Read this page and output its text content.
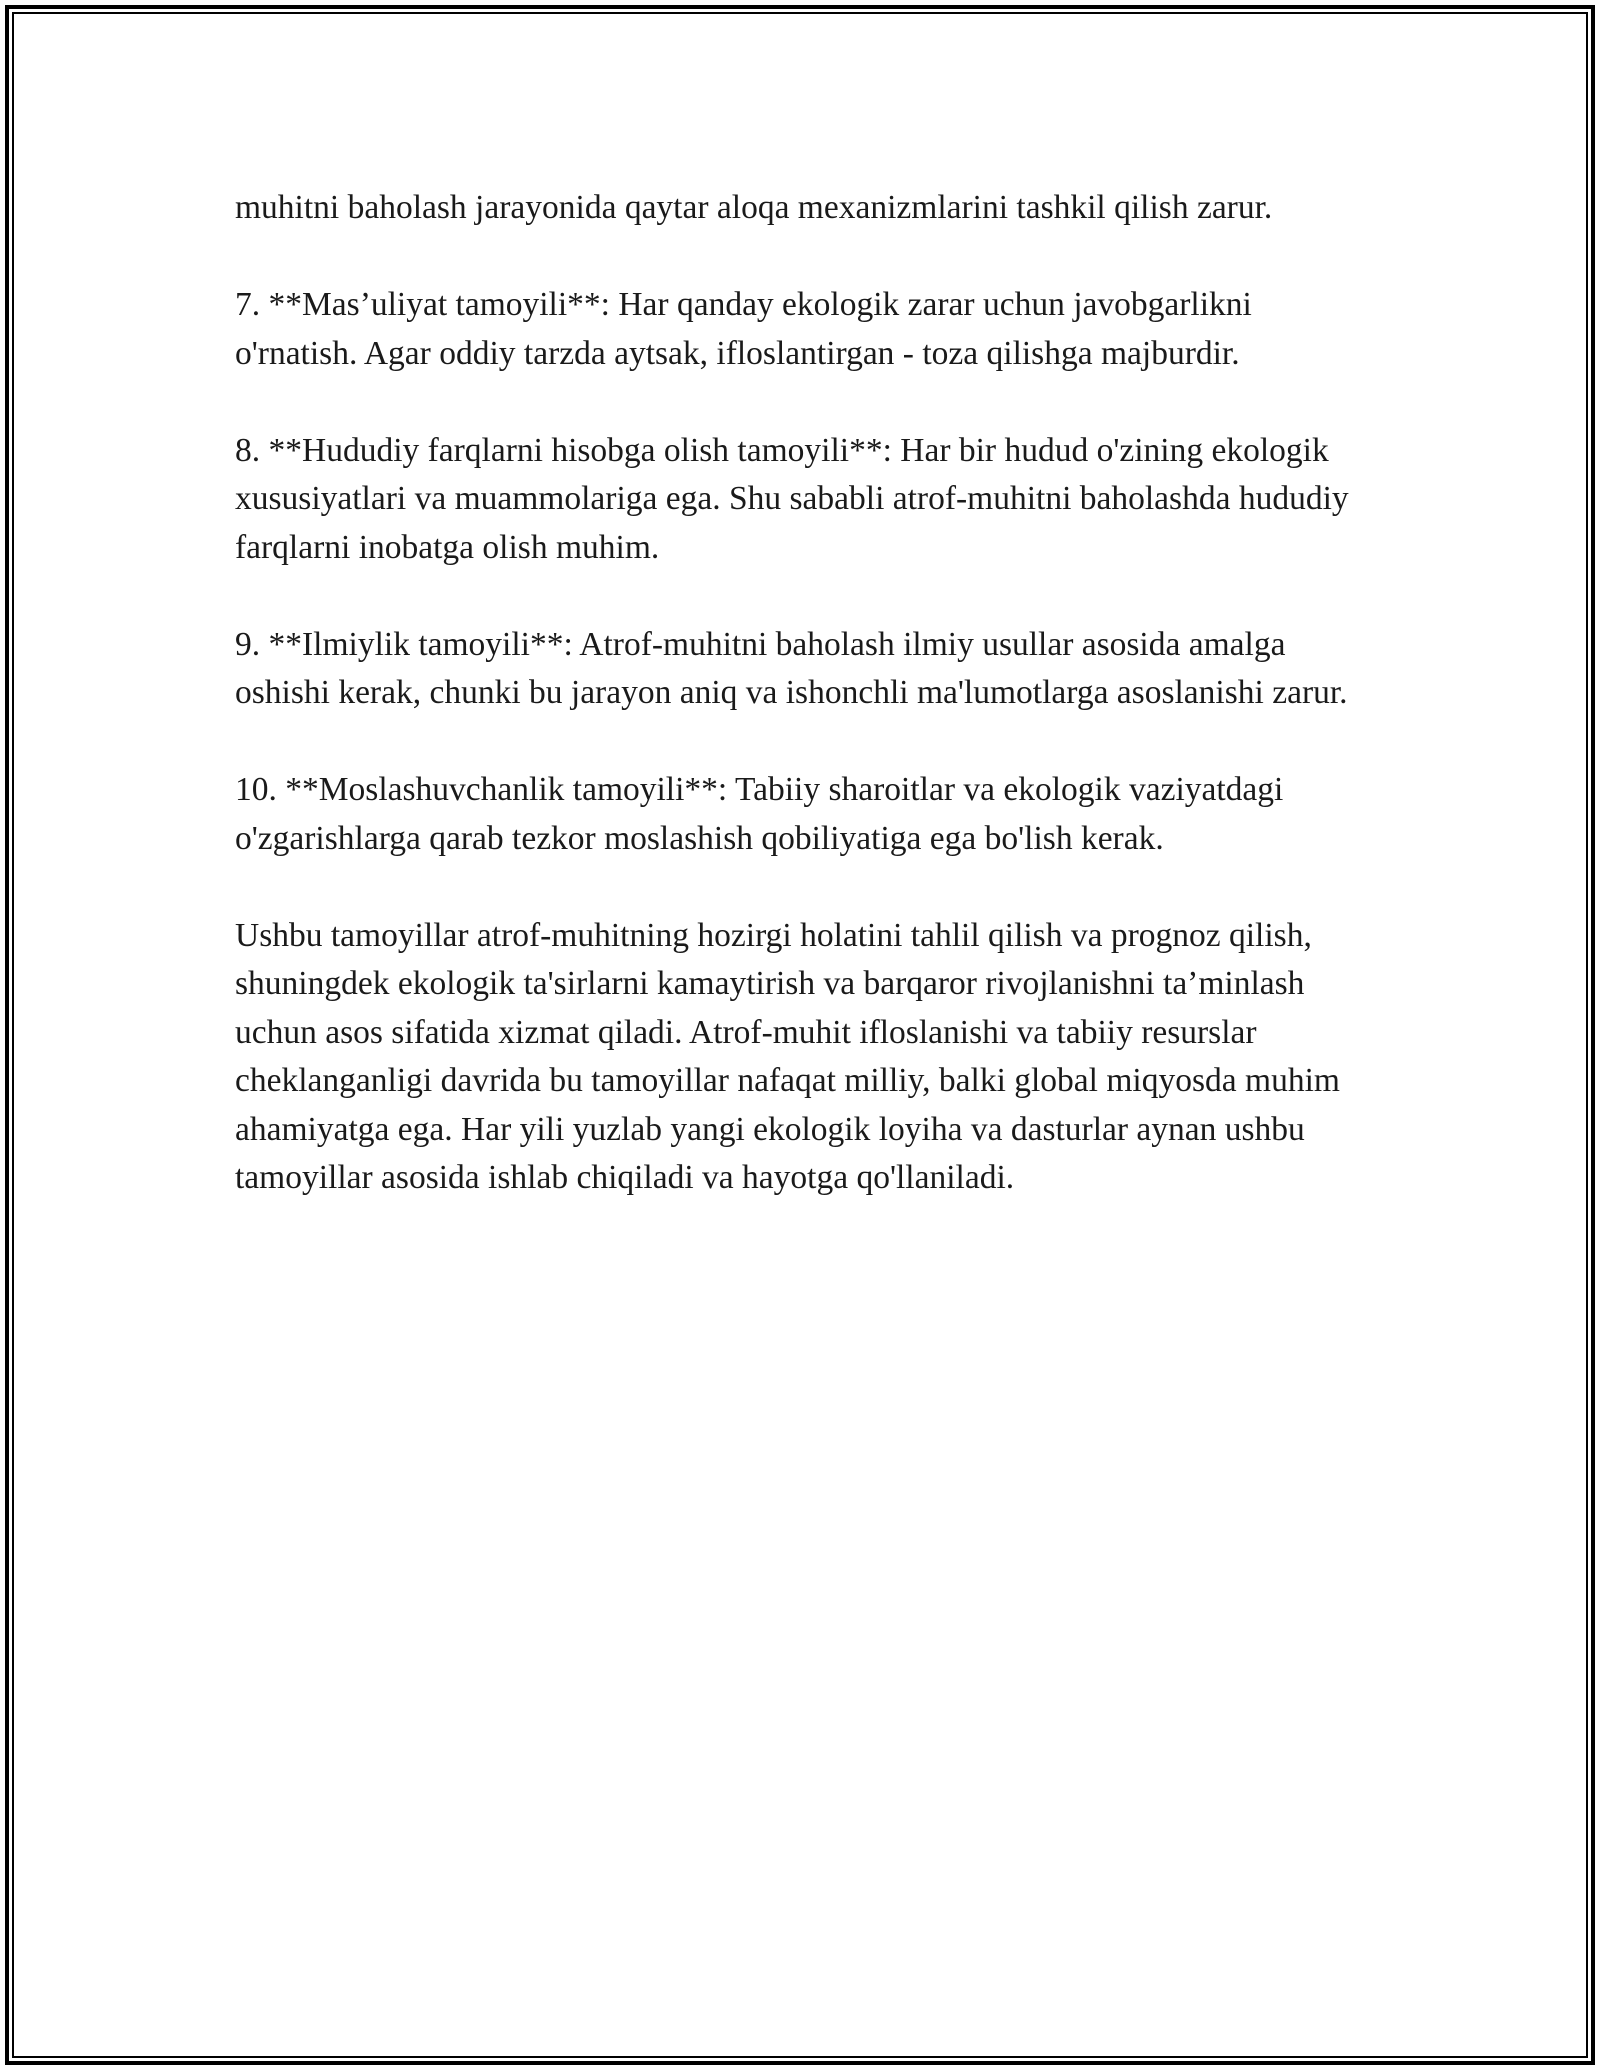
muhitni baholash jarayonida qaytar aloqa mexanizmlarini tashkil qilish zarur.

7. **Mas’uliyat tamoyili**: Har qanday ekologik zarar uchun javobgarlikni o'rnatish. Agar oddiy tarzda aytsak, ifloslantirgan - toza qilishga majburdir.

8. **Hududiy farqlarni hisobga olish tamoyili**: Har bir hudud o'zining ekologik xususiyatlari va muammolariga ega. Shu sababli atrof-muhitni baholashda hududiy farqlarni inobatga olish muhim.

9. **Ilmiylik tamoyili**: Atrof-muhitni baholash ilmiy usullar asosida amalga oshishi kerak, chunki bu jarayon aniq va ishonchli ma'lumotlarga asoslanishi zarur.

10. **Moslashuvchanlik tamoyili**: Tabiiy sharoitlar va ekologik vaziyatdagi o'zgarishlarga qarab tezkor moslashish qobiliyatiga ega bo'lish kerak.

Ushbu tamoyillar atrof-muhitning hozirgi holatini tahlil qilish va prognoz qilish, shuningdek ekologik ta'sirlarni kamaytirish va barqaror rivojlanishni ta’minlash uchun asos sifatida xizmat qiladi. Atrof-muhit ifloslanishi va tabiiy resurslar cheklanganligi davrida bu tamoyillar nafaqat milliy, balki global miqyosda muhim ahamiyatga ega. Har yili yuzlab yangi ekologik loyiha va dasturlar aynan ushbu tamoyillar asosida ishlab chiqiladi va hayotga qo'llaniladi.
